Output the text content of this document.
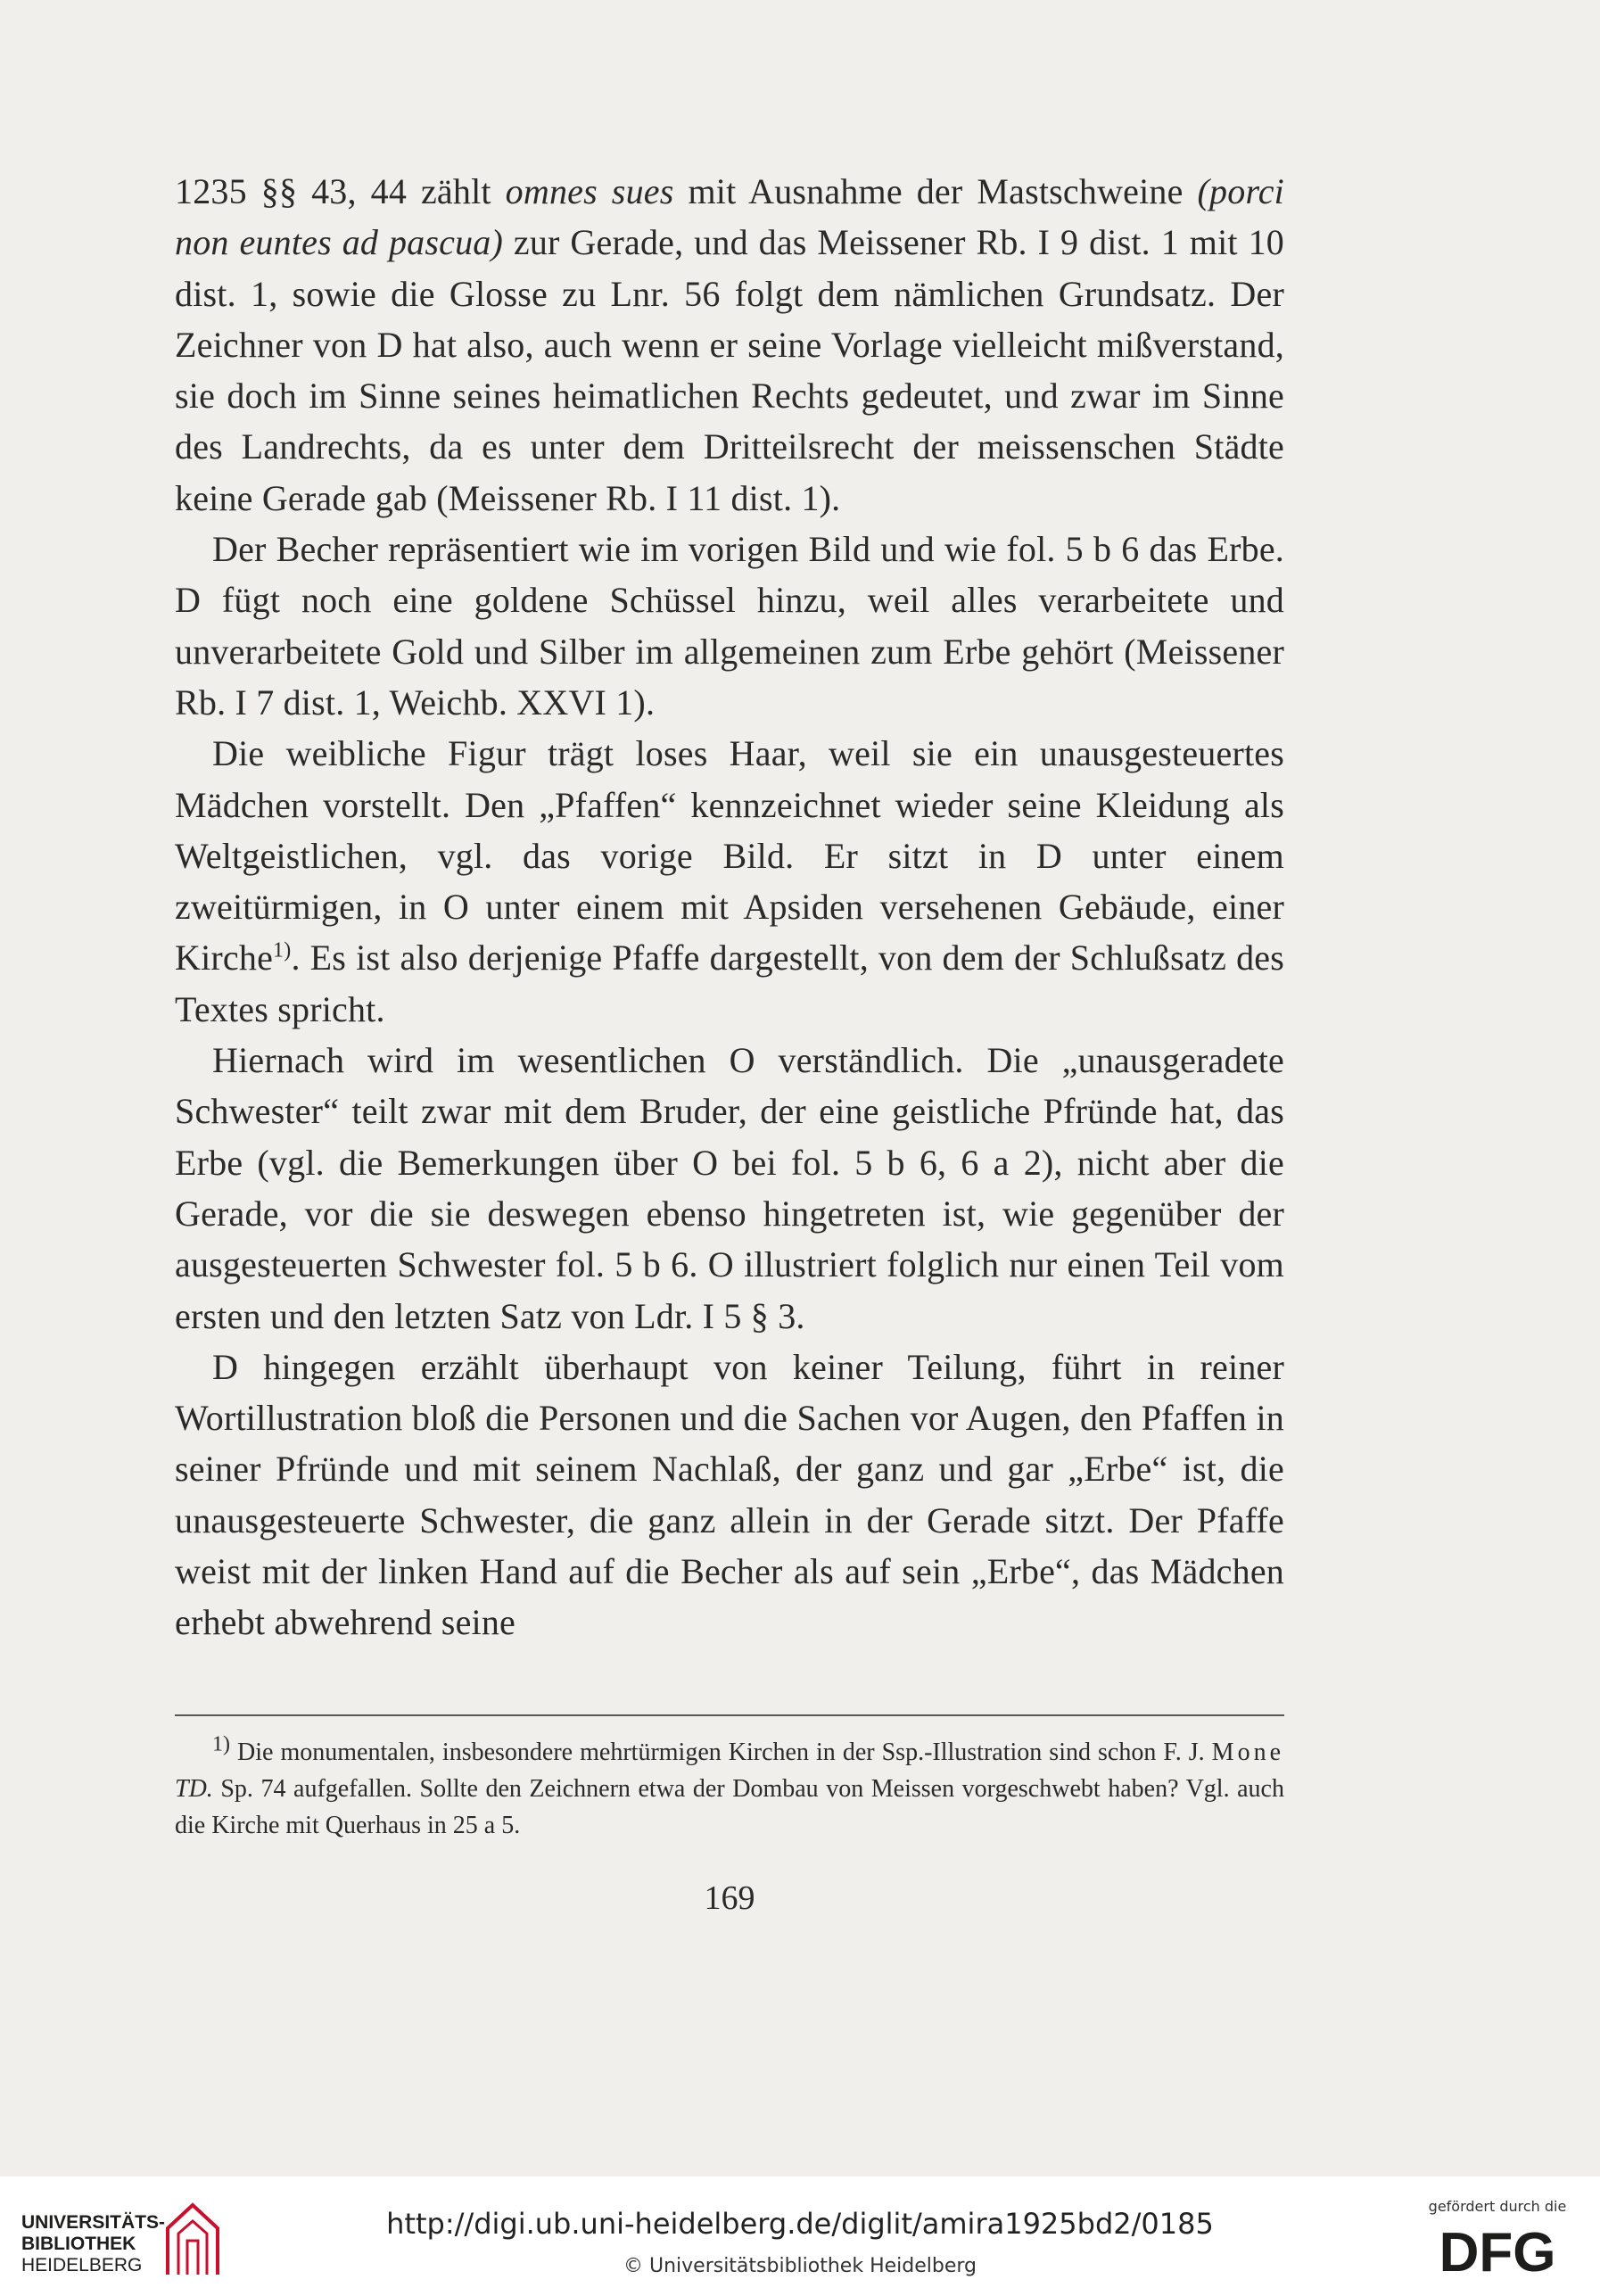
1235 §§ 43, 44 zählt omnes sues mit Ausnahme der Mastschweine (porci non euntes ad pascua) zur Gerade, und das Meissener Rb. I 9 dist. 1 mit 10 dist. 1, sowie die Glosse zu Lnr. 56 folgt dem nämlichen Grundsatz. Der Zeichner von D hat also, auch wenn er seine Vorlage vielleicht mißverstand, sie doch im Sinne seines heimatlichen Rechts gedeutet, und zwar im Sinne des Landrechts, da es unter dem Dritteilsrecht der meissenschen Städte keine Gerade gab (Meissener Rb. I 11 dist. 1).

Der Becher repräsentiert wie im vorigen Bild und wie fol. 5 b 6 das Erbe. D fügt noch eine goldene Schüssel hinzu, weil alles verarbeitete und unverarbeitete Gold und Silber im allgemeinen zum Erbe gehört (Meissener Rb. I 7 dist. 1, Weichb. XXVI 1).

Die weibliche Figur trägt loses Haar, weil sie ein unausgesteuertes Mädchen vorstellt. Den „Pfaffen“ kennzeichnet wieder seine Kleidung als Weltgeistlichen, vgl. das vorige Bild. Er sitzt in D unter einem zweitürmigen, in O unter einem mit Apsiden versehenen Gebäude, einer Kirche$^{1)}$. Es ist also derjenige Pfaffe dargestellt, von dem der Schlußsatz des Textes spricht.

Hiernach wird im wesentlichen O verständlich. Die „unausgeradete Schwester“ teilt zwar mit dem Bruder, der eine geistliche Pfründe hat, das Erbe (vgl. die Bemerkungen über O bei fol. 5 b 6, 6 a 2), nicht aber die Gerade, vor die sie deswegen ebenso hingetreten ist, wie gegenüber der ausgesteuerten Schwester fol. 5 b 6. O illustriert folglich nur einen Teil vom ersten und den letzten Satz von Ldr. I 5 § 3.

D hingegen erzählt überhaupt von keiner Teilung, führt in reiner Wortillustration bloß die Personen und die Sachen vor Augen, den Pfaffen in seiner Pfründe und mit seinem Nachlaß, der ganz und gar „Erbe“ ist, die unausgesteuerte Schwester, die ganz allein in der Gerade sitzt. Der Pfaffe weist mit der linken Hand auf die Becher als auf sein „Erbe“, das Mädchen erhebt abwehrend seine

1) Die monumentalen, insbesondere mehrtürmigen Kirchen in der Ssp.-Illustration sind schon F. J. Mone TD. Sp. 74 aufgefallen. Sollte den Zeichnern etwa der Dombau von Meissen vorgeschwebt haben? Vgl. auch die Kirche mit Querhaus in 25 a 5.
169
UNIVERSITÄTS-
BIBLIOTHEK
HEIDELBERG
http://digi.ub.uni-heidelberg.de/diglit/amira1925bd2/0185
© Universitätsbibliothek Heidelberg
gefördert durch die
DFG
